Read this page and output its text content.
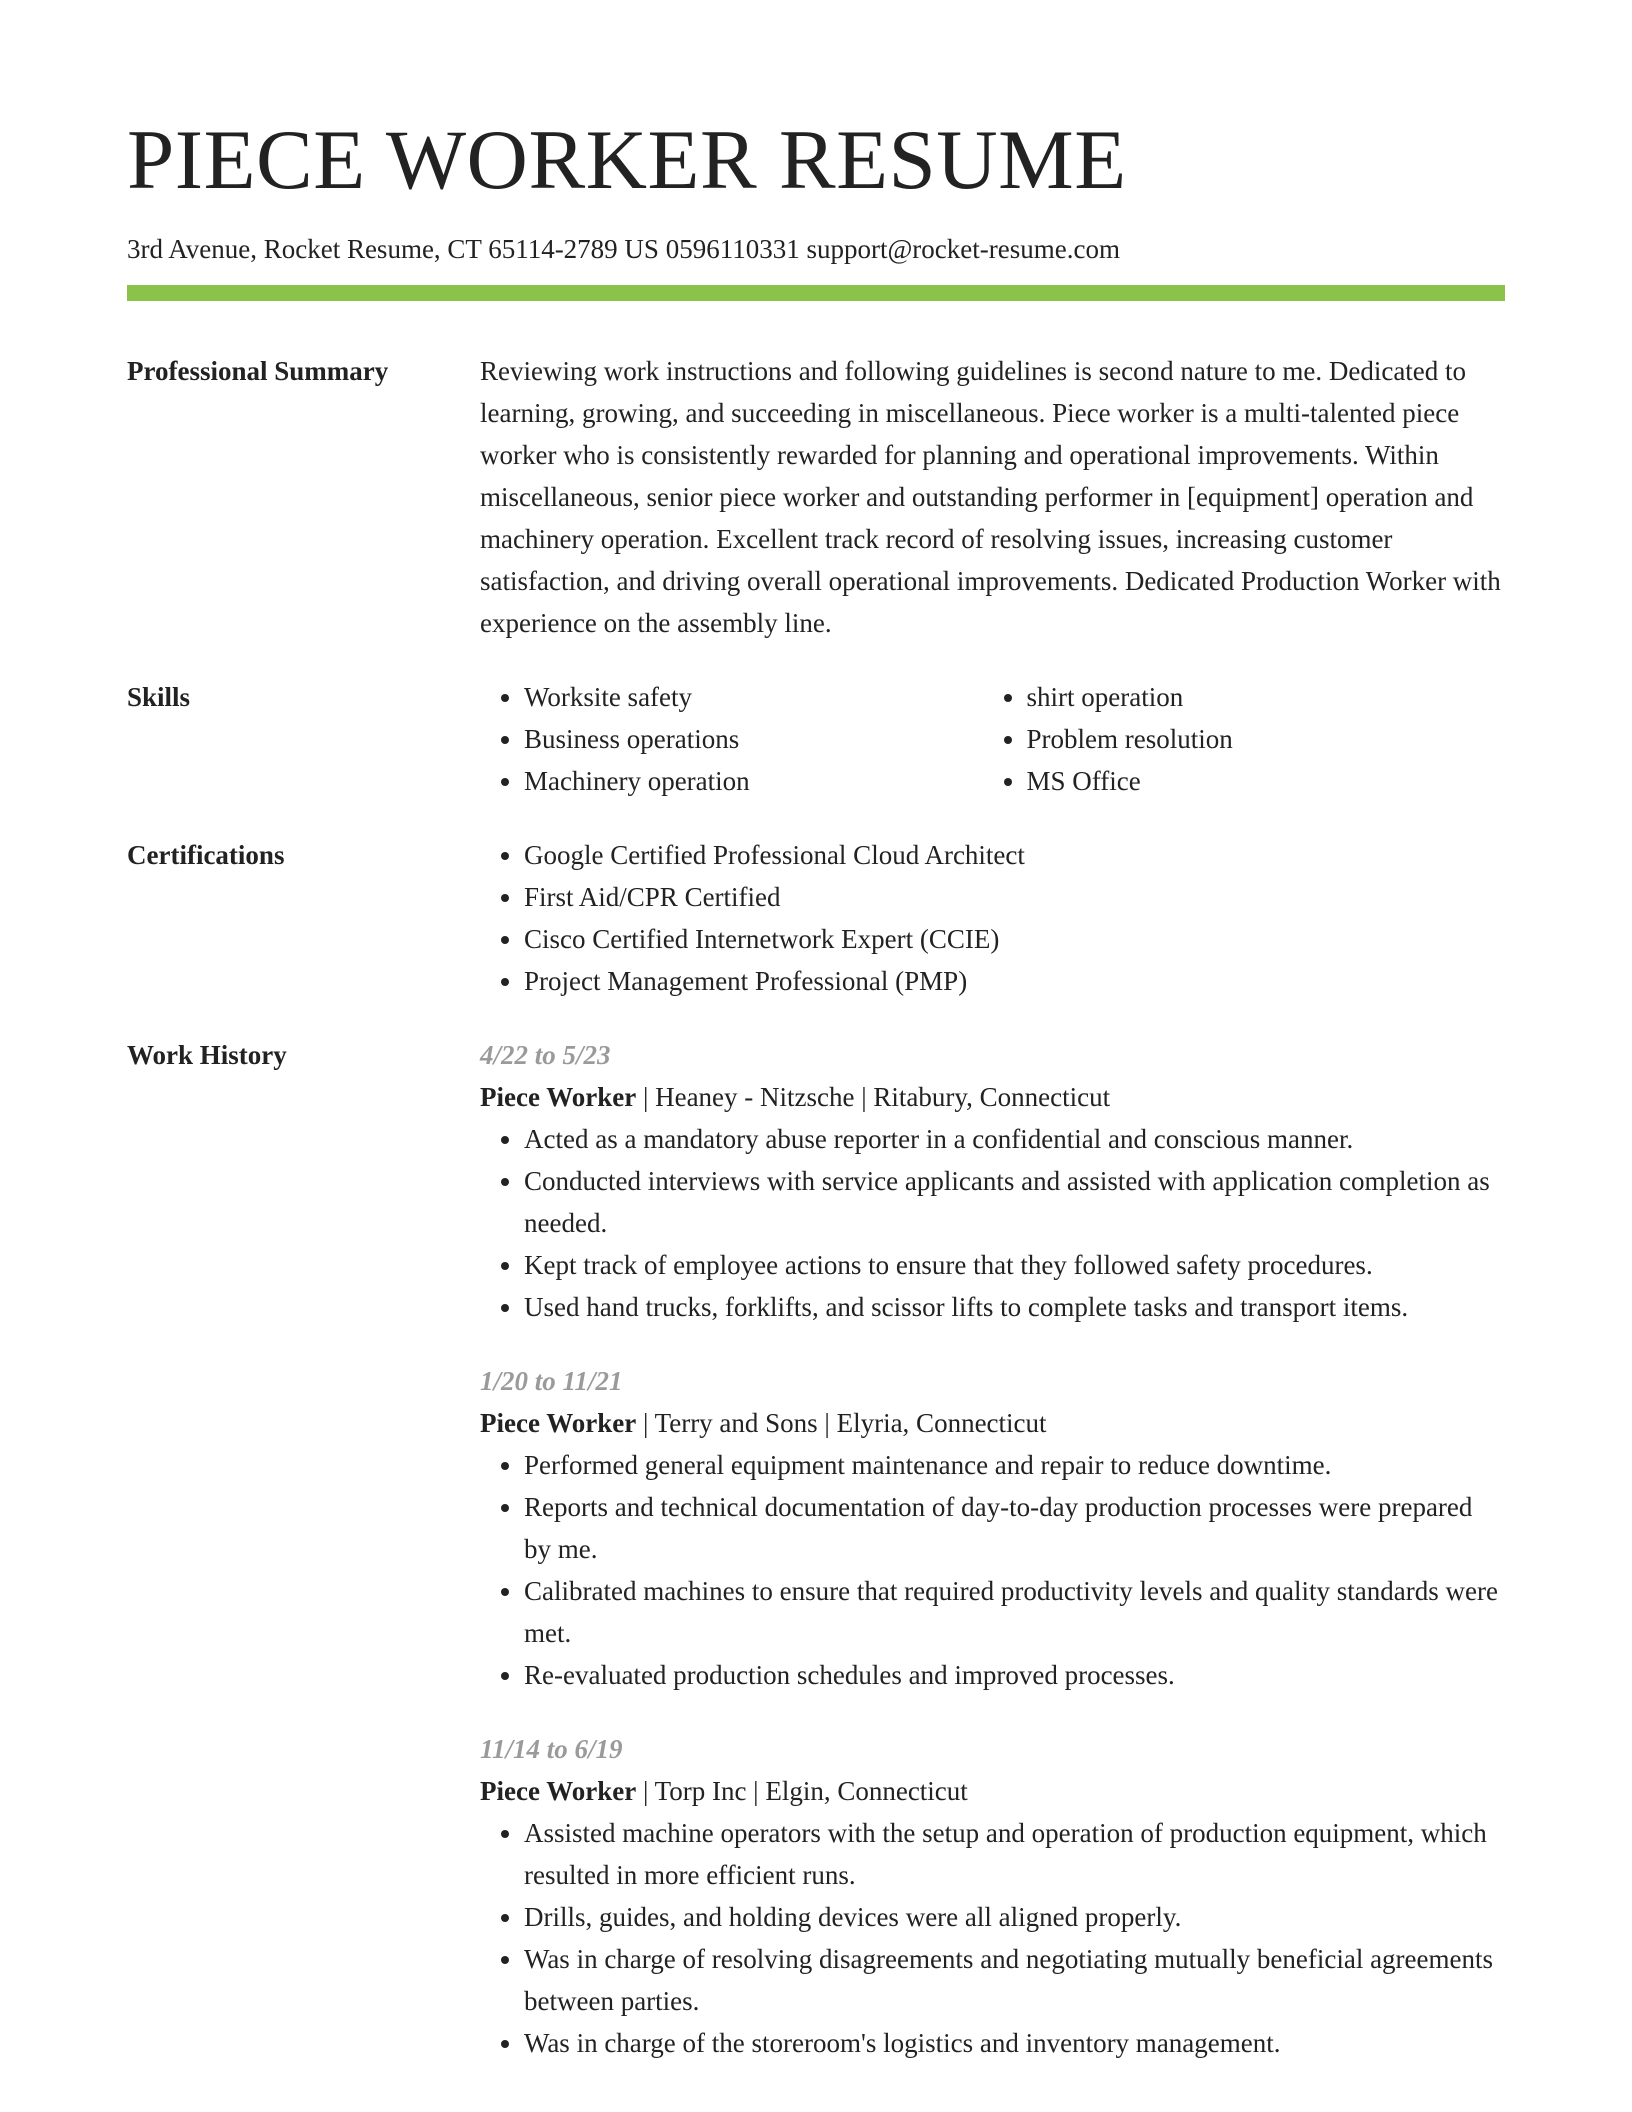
PIECE WORKER RESUME
3rd Avenue, Rocket Resume, CT 65114-2789 US 0596110331 support@rocket-resume.com
Professional Summary	Reviewing work instructions and following guidelines is second nature to me. Dedicated to learning, growing, and succeeding in miscellaneous. Piece worker is a multi-talented piece worker who is consistently rewarded for planning and operational improvements. Within miscellaneous, senior piece worker and outstanding performer in [equipment] operation and machinery operation. Excellent track record of resolving issues, increasing customer satisfaction, and driving overall operational improvements. Dedicated Production Worker with experience on the assembly line.

Skills	• Worksite safety
• Business operations
• Machinery operation
• shirt operation
• Problem resolution
• MS Office
Certifications	• Google Certified Professional Cloud Architect
• First Aid/CPR Certified
• Cisco Certified Internetwork Expert (CCIE)
• Project Management Professional (PMP)
Work History	4/22 to 5/23
Piece Worker | Heaney - Nitzsche | Ritabury, Connecticut
• Acted as a mandatory abuse reporter in a confidential and conscious manner.
• Conducted interviews with service applicants and assisted with application completion as needed.
• Kept track of employee actions to ensure that they followed safety procedures.
• Used hand trucks, forklifts, and scissor lifts to complete tasks and transport items.
1/20 to 11/21
Piece Worker | Terry and Sons | Elyria, Connecticut
• Performed general equipment maintenance and repair to reduce downtime.
• Reports and technical documentation of day-to-day production processes were prepared by me.
• Calibrated machines to ensure that required productivity levels and quality standards were met.
• Re-evaluated production schedules and improved processes.
11/14 to 6/19
Piece Worker | Torp Inc | Elgin, Connecticut
• Assisted machine operators with the setup and operation of production equipment, which resulted in more efficient runs.
• Drills, guides, and holding devices were all aligned properly.
• Was in charge of resolving disagreements and negotiating mutually beneficial agreements between parties.
• Was in charge of the storeroom's logistics and inventory management.
